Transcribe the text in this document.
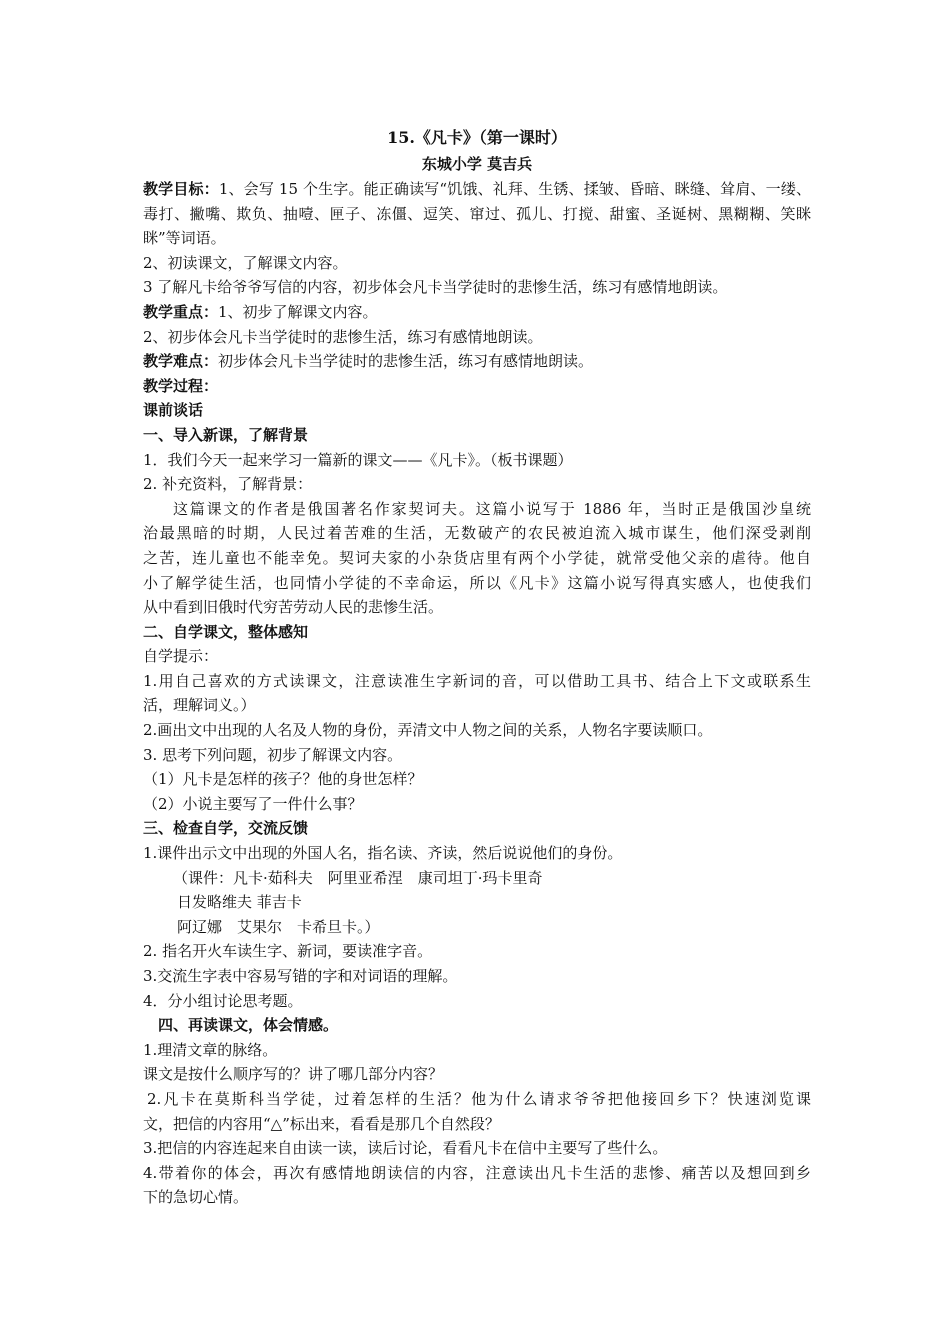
15.《凡卡》（第一课时）
东城小学 莫吉兵
教学目标：1、会写 15 个生字。能正确读写“饥饿、礼拜、生锈、揉皱、昏暗、眯缝、耸肩、一缕、
毒打、撇嘴、欺负、抽噎、匣子、冻僵、逗笑、窜过、孤儿、打搅、甜蜜、圣诞树、黑糊糊、笑眯
眯”等词语。
2、初读课文，了解课文内容。
3 了解凡卡给爷爷写信的内容，初步体会凡卡当学徒时的悲惨生活，练习有感情地朗读。
教学重点：1、初步了解课文内容。
2、初步体会凡卡当学徒时的悲惨生活，练习有感情地朗读。
教学难点：初步体会凡卡当学徒时的悲惨生活，练习有感情地朗读。
教学过程：
课前谈话
一、导入新课，了解背景
1．我们今天一起来学习一篇新的课文——《凡卡》。（板书课题）
2. 补充资料，了解背景：
这篇课文的作者是俄国著名作家契诃夫。这篇小说写于 1886 年，当时正是俄国沙皇统
治最黑暗的时期，人民过着苦难的生活，无数破产的农民被迫流入城市谋生，他们深受剥削
之苦，连儿童也不能幸免。契诃夫家的小杂货店里有两个小学徒，就常受他父亲的虐待。他自
小了解学徒生活，也同情小学徒的不幸命运，所以《凡卡》这篇小说写得真实感人，也使我们
从中看到旧俄时代穷苦劳动人民的悲惨生活。
二、自学课文，整体感知
自学提示：
1.用自己喜欢的方式读课文，注意读准生字新词的音，可以借助工具书、结合上下文或联系生
活，理解词义。）
2.画出文中出现的人名及人物的身份，弄清文中人物之间的关系，人物名字要读顺口。
3. 思考下列问题，初步了解课文内容。
（1）凡卡是怎样的孩子？他的身世怎样？
（2）小说主要写了一件什么事？
三、检查自学，交流反馈
1.课件出示文中出现的外国人名，指名读、齐读，然后说说他们的身份。
（课件：凡卡·茹科夫　阿里亚希涅　康司坦丁·玛卡里奇
日发略维夫 菲吉卡
阿辽娜　艾果尔　卡希旦卡。）
2. 指名开火车读生字、新词，要读准字音。
3.交流生字表中容易写错的字和对词语的理解。
4．分小组讨论思考题。
四、再读课文，体会情感。
1.理清文章的脉络。
课文是按什么顺序写的？讲了哪几部分内容？
2.凡卡在莫斯科当学徒，过着怎样的生活？他为什么请求爷爷把他接回乡下？快速浏览课
文，把信的内容用“△”标出来，看看是那几个自然段？
3.把信的内容连起来自由读一读，读后讨论，看看凡卡在信中主要写了些什么。
4.带着你的体会，再次有感情地朗读信的内容，注意读出凡卡生活的悲惨、痛苦以及想回到乡
下的急切心情。
